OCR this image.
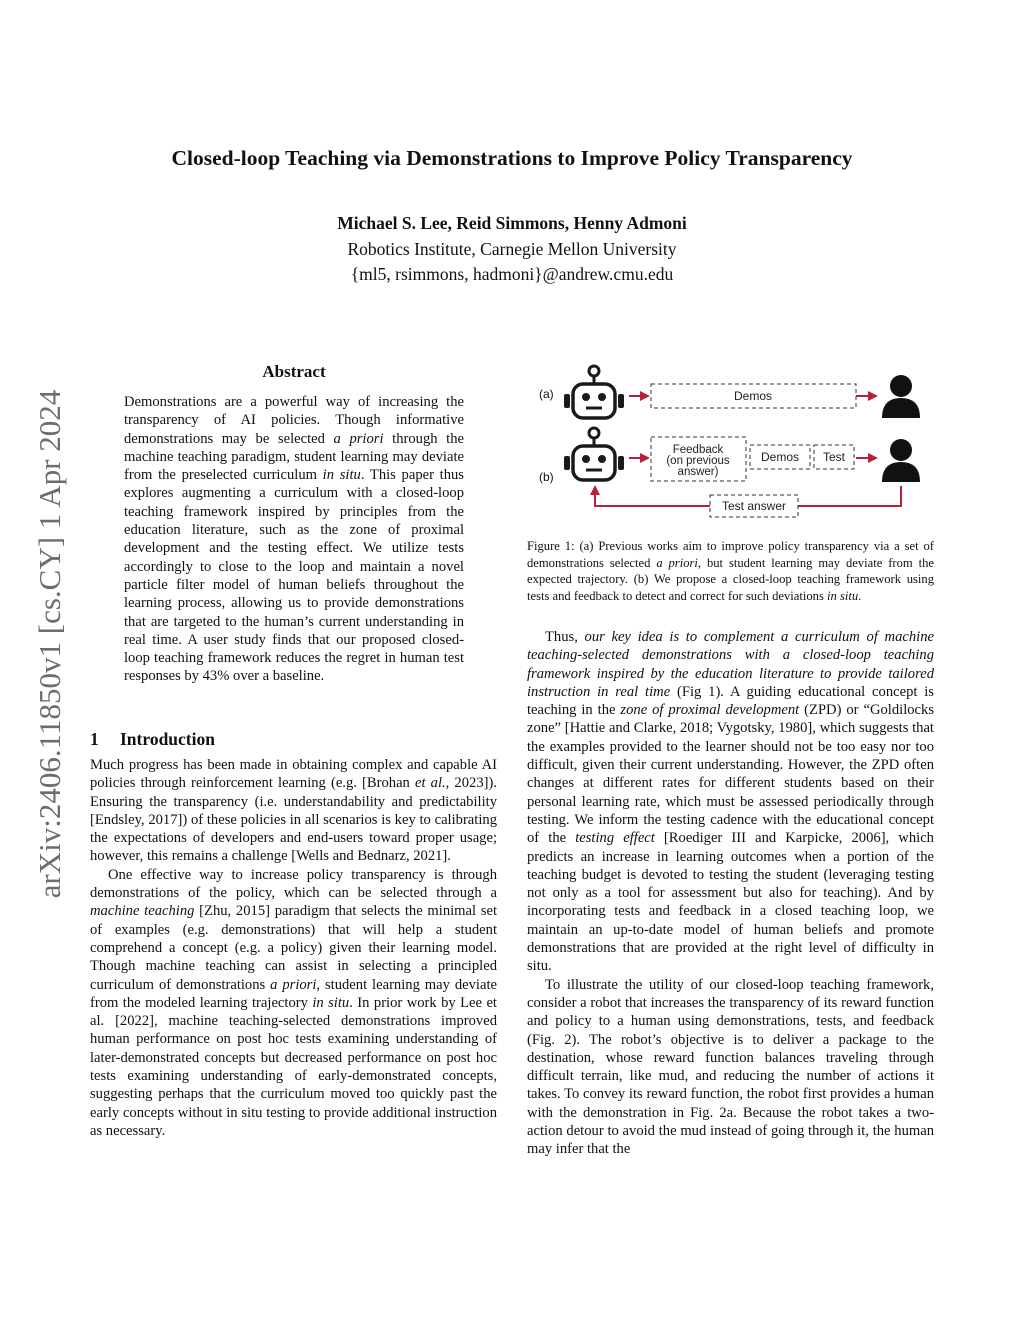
arXiv:2406.11850v1 [cs.CY] 1 Apr 2024
Closed-loop Teaching via Demonstrations to Improve Policy Transparency
Michael S. Lee, Reid Simmons, Henny Admoni
Robotics Institute, Carnegie Mellon University
{ml5, rsimmons, hadmoni}@andrew.cmu.edu
Abstract
Demonstrations are a powerful way of increasing the transparency of AI policies. Though informative demonstrations may be selected a priori through the machine teaching paradigm, student learning may deviate from the preselected curriculum in situ. This paper thus explores augmenting a curriculum with a closed-loop teaching framework inspired by principles from the education literature, such as the zone of proximal development and the testing effect. We utilize tests accordingly to close to the loop and maintain a novel particle filter model of human beliefs throughout the learning process, allowing us to provide demonstrations that are targeted to the human’s current understanding in real time. A user study finds that our proposed closed-loop teaching framework reduces the regret in human test responses by 43% over a baseline.
1 Introduction

Much progress has been made in obtaining complex and capable AI policies through reinforcement learning (e.g. [Brohan et al., 2023]). Ensuring the transparency (i.e. understandability and predictability [Endsley, 2017]) of these policies in all scenarios is key to calibrating the expectations of developers and end-users toward proper usage; however, this remains a challenge [Wells and Bednarz, 2021].

One effective way to increase policy transparency is through demonstrations of the policy, which can be selected through a machine teaching [Zhu, 2015] paradigm that selects the minimal set of examples (e.g. demonstrations) that will help a student comprehend a concept (e.g. a policy) given their learning model. Though machine teaching can assist in selecting a principled curriculum of demonstrations a priori, student learning may deviate from the modeled learning trajectory in situ. In prior work by Lee et al. [2022], machine teaching-selected demonstrations improved human performance on post hoc tests examining understanding of later-demonstrated concepts but decreased performance on post hoc tests examining understanding of early-demonstrated concepts, suggesting perhaps that the curriculum moved too quickly past the early concepts without in situ testing to provide additional instruction as necessary.

(a)	Demos
(b)
Feedback
(on previous
answer)
Demos Test
Test answer
Figure 1: (a) Previous works aim to improve policy transparency via a set of demonstrations selected a priori, but student learning may deviate from the expected trajectory. (b) We propose a closed-loop teaching framework using tests and feedback to detect and correct for such deviations in situ.

Thus, our key idea is to complement a curriculum of machine teaching-selected demonstrations with a closed-loop teaching framework inspired by the education literature to provide tailored instruction in real time (Fig 1). A guiding educational concept is teaching in the zone of proximal development (ZPD) or “Goldilocks zone” [Hattie and Clarke, 2018; Vygotsky, 1980], which suggests that the examples provided to the learner should not be too easy nor too difficult, given their current understanding. However, the ZPD often changes at different rates for different students based on their personal learning rate, which must be assessed periodically through testing. We inform the testing cadence with the educational concept of the testing effect [Roediger III and Karpicke, 2006], which predicts an increase in learning outcomes when a portion of the teaching budget is devoted to testing the student (leveraging testing not only as a tool for assessment but also for teaching). And by incorporating tests and feedback in a closed teaching loop, we maintain an up-to-date model of human beliefs and promote demonstrations that are provided at the right level of difficulty in situ.

To illustrate the utility of our closed-loop teaching framework, consider a robot that increases the transparency of its reward function and policy to a human using demonstrations, tests, and feedback (Fig. 2). The robot’s objective is to deliver a package to the destination, whose reward function balances traveling through difficult terrain, like mud, and reducing the number of actions it takes. To convey its reward function, the robot first provides a human with the demonstration in Fig. 2a. Because the robot takes a two-action detour to avoid the mud instead of going through it, the human may infer that the
